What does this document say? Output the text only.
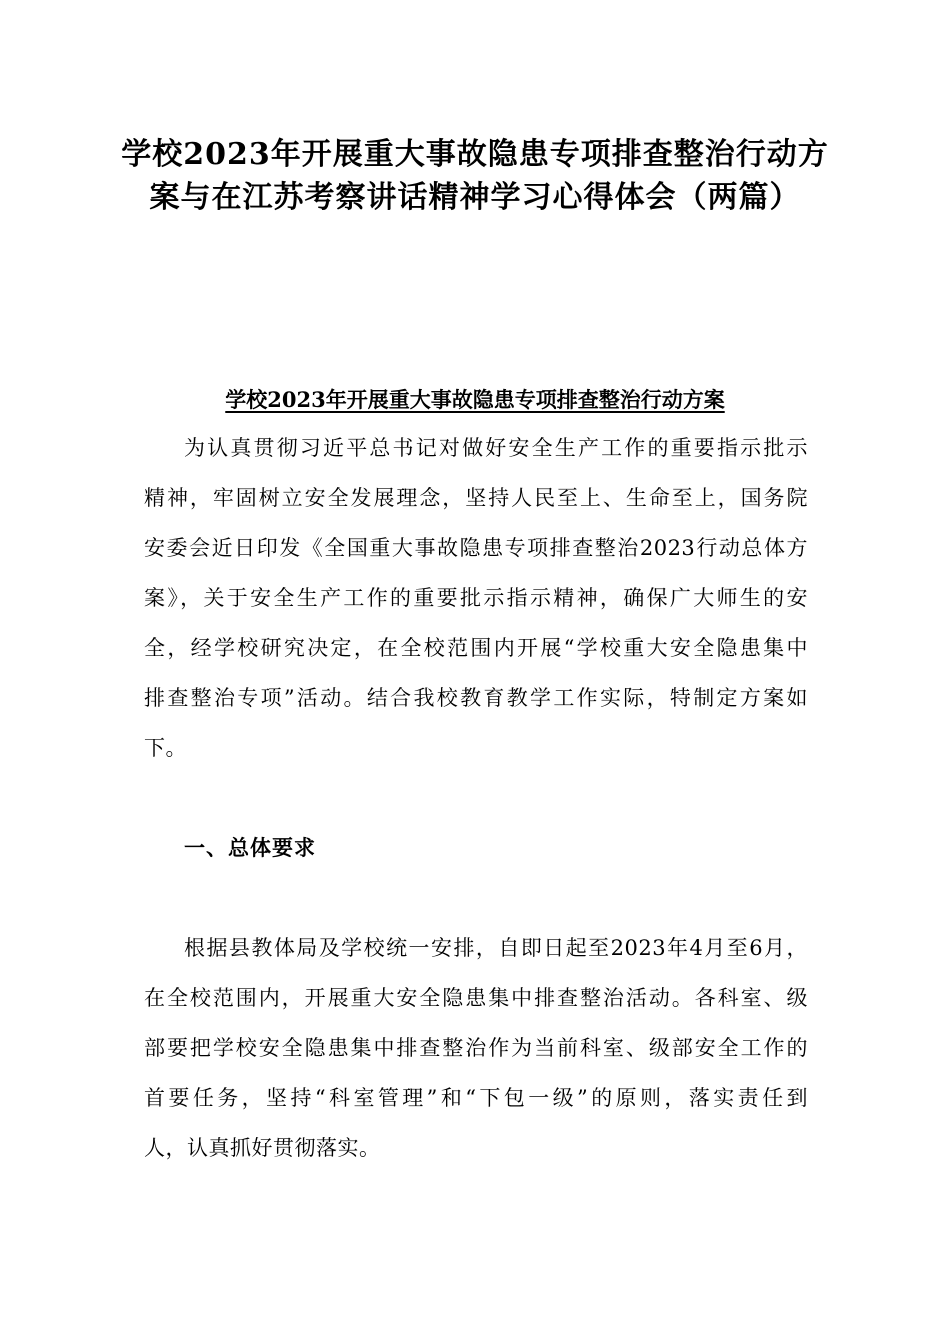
学校2023年开展重大事故隐患专项排查整治行动方
案与在江苏考察讲话精神学习心得体会（两篇）
学校2023年开展重大事故隐患专项排查整治行动方案
为认真贯彻习近平总书记对做好安全生产工作的重要指示批示
精神，牢固树立安全发展理念，坚持人民至上、生命至上，国务院
安委会近日印发《全国重大事故隐患专项排查整治2023行动总体方
案》，关于安全生产工作的重要批示指示精神，确保广大师生的安
全，经学校研究决定，在全校范围内开展“学校重大安全隐患集中
排查整治专项”活动。结合我校教育教学工作实际，特制定方案如
下。
一、总体要求
根据县教体局及学校统一安排，自即日起至2023年4月至6月，
在全校范围内，开展重大安全隐患集中排查整治活动。各科室、级
部要把学校安全隐患集中排查整治作为当前科室、级部安全工作的
首要任务，坚持“科室管理”和“下包一级”的原则，落实责任到
人，认真抓好贯彻落实。
